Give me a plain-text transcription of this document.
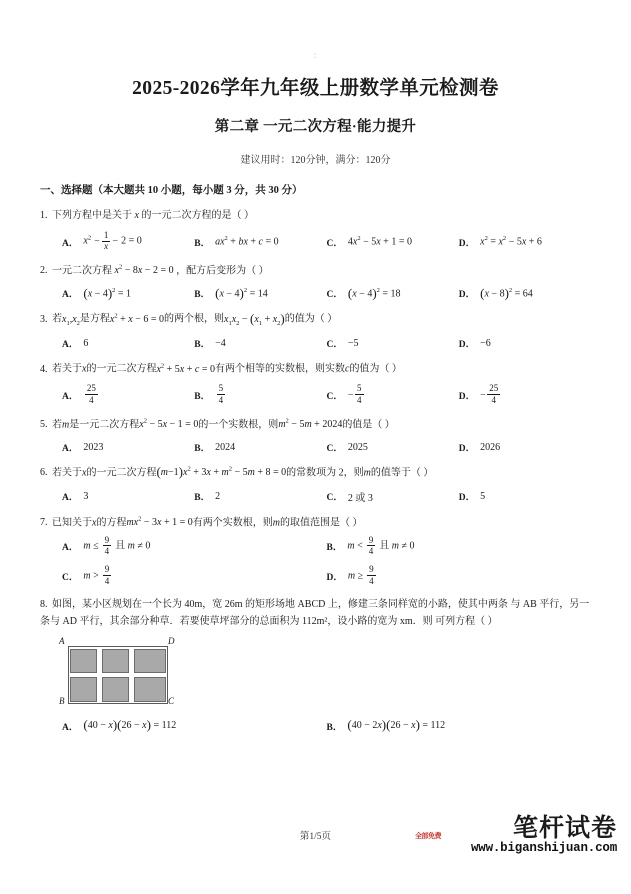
:
2025-2026学年九年级上册数学单元检测卷
第二章 一元二次方程·能力提升
建议用时：120分钟，满分：120分
一、选择题（本大题共 10 小题，每小题 3 分，共 30 分）
1. 下列方程中是关于 x 的一元二次方程的是（ ）
A． $x^2 - \frac{1}{x} - 2 = 0$	B． $ax^2$ + bx + c = 0	C． $4x^2 - 5x + 1 = 0$	D． $x^2 = x^2 - 5x + 6$
2. 一元二次方程 $x^2 - 8x - 2 = 0$ ，配方后变形为（ ）
A． $(x - 4)^2 = 1$	B． $(x - 4)^2 = 14$	C． $(x - 4)^2 = 18$	D． $(x - 8)^2 = 64$
3. 若$x_1,x_2$是方程$x^2 + x - 6 = 0$的两个根，则$x_1x_2 - (x_1 + x_2)$的值为（ ）
A． 6	B． −4	C． −5	D． −6
4. 若关于x的一元二次方程$x^2 + 5x + c = 0$有两个相等的实数根，则实数c的值为（ ）
A． $\frac{25}{4}$	B． $\frac{5}{4}$	C． − $\frac{5}{4}$	D． − $\frac{25}{4}$
5. 若m是一元二次方程$x^2 - 5x - 1 = 0$的一个实数根，则$m^2 - 5m + 2024$的值是（ ）
A． 2023	B． 2024	C． 2025	D． 2026
6. 若关于x的一元二次方程$(m-1)x^2 + 3x + m^2 - 5m + 8 = 0$的常数项为 2，则m的值等于（ ）
A． 3	B． 2	C． 2 或 3	D． 5
7. 已知关于x的方程$mx^2 - 3x + 1 = 0$有两个实数根，则m的取值范围是（ ）
A． $m \le \frac{9}{4}$ 且 m ≠ 0	B． $m < \frac{9}{4}$ 且 m ≠ 0
C． $m > \frac{9}{4}$	D． $m \ge \frac{9}{4}$
8. 如图，某小区规划在一个长为 40m，宽 26m 的矩形场地 ABCD 上，修建三条同样宽的小路，使其中两条 与 AB 平行，另一条与 AD 平行，其余部分种草．若要使草坪部分的总面积为 112m²，设小路的宽为 xm．则 可列方程（ ）
A	D
B	C
A． (40 − x)(26 − x) = 112	B． (40 − 2x)(26 − x) = 112
第1/5页	笔杆试卷
www.biganshijuan.com
全部免费
